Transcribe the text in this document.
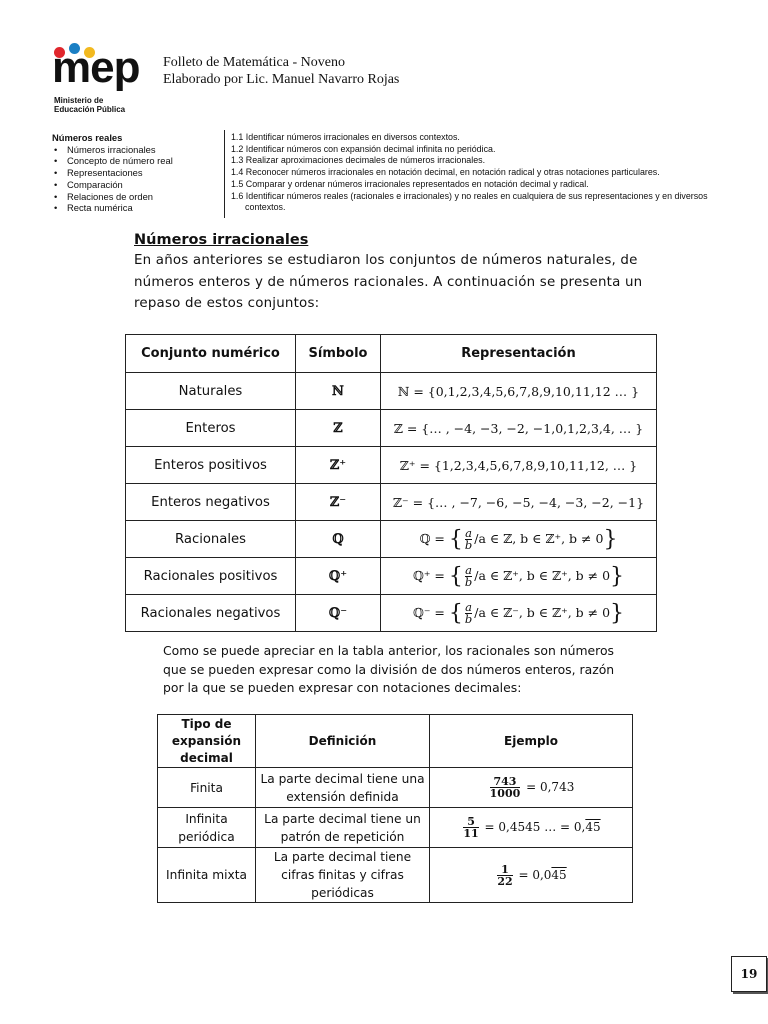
mep
Ministerio de
Educación Pública
Folleto de Matemática - Noveno
Elaborado por Lic. Manuel Navarro Rojas
Números reales
• Números irracionales
• Concepto de número real
• Representaciones
• Comparación
• Relaciones de orden
• Recta numérica
1.1 Identificar números irracionales en diversos contextos.
1.2 Identificar números con expansión decimal infinita no periódica.
1.3 Realizar aproximaciones decimales de números irracionales.
1.4 Reconocer números irracionales en notación decimal, en notación radical y otras notaciones particulares.
1.5 Comparar y ordenar números irracionales representados en notación decimal y radical.
1.6 Identificar números reales (racionales e irracionales) y no reales en cualquiera de sus representaciones y en diversos
contextos.
Números irracionales
En años anteriores se estudiaron los conjuntos de números naturales, de números enteros y de números racionales. A continuación se presenta un repaso de estos conjuntos:
Conjunto numérico	Símbolo	Representación
Naturales	ℕ	ℕ = {0,1,2,3,4,5,6,7,8,9,10,11,12 … }
Enteros	ℤ	ℤ = {… , −4, −3, −2, −1,0,1,2,3,4, … }
Enteros positivos	ℤ⁺	ℤ⁺ = {1,2,3,4,5,6,7,8,9,10,11,12, … }
Enteros negativos	ℤ⁻	ℤ⁻ = {… , −7, −6, −5, −4, −3, −2, −1}
Racionales	ℚ	ℚ = { $\frac{a}{b} /a$ ∈ ℤ, b ∈ ℤ⁺, b ≠ 0}
Racionales positivos	ℚ⁺	ℚ⁺ = { $\frac{a}{b} /a$ ∈ ℤ⁺, b ∈ ℤ⁺, b ≠ 0}
Racionales negativos	ℚ⁻	ℚ⁻ = { $\frac{a}{b} /a$ ∈ ℤ⁻, b ∈ ℤ⁺, b ≠ 0}
Como se puede apreciar en la tabla anterior, los racionales son números que se pueden expresar como la división de dos números enteros, razón por la que se pueden expresar con notaciones decimales:
Tipo de expansión decimal	Definición	Ejemplo
Finita	La parte decimal tiene una extensión definida	$\frac{743}{1000} = 0,743$
Infinita periódica	La parte decimal tiene un patrón de repetición	$\frac{5}{11} = 0,4545$ … = 0,45
Infinita mixta	La parte decimal tiene cifras finitas y cifras periódicas	$\frac{1}{22} = 0,045$
19
